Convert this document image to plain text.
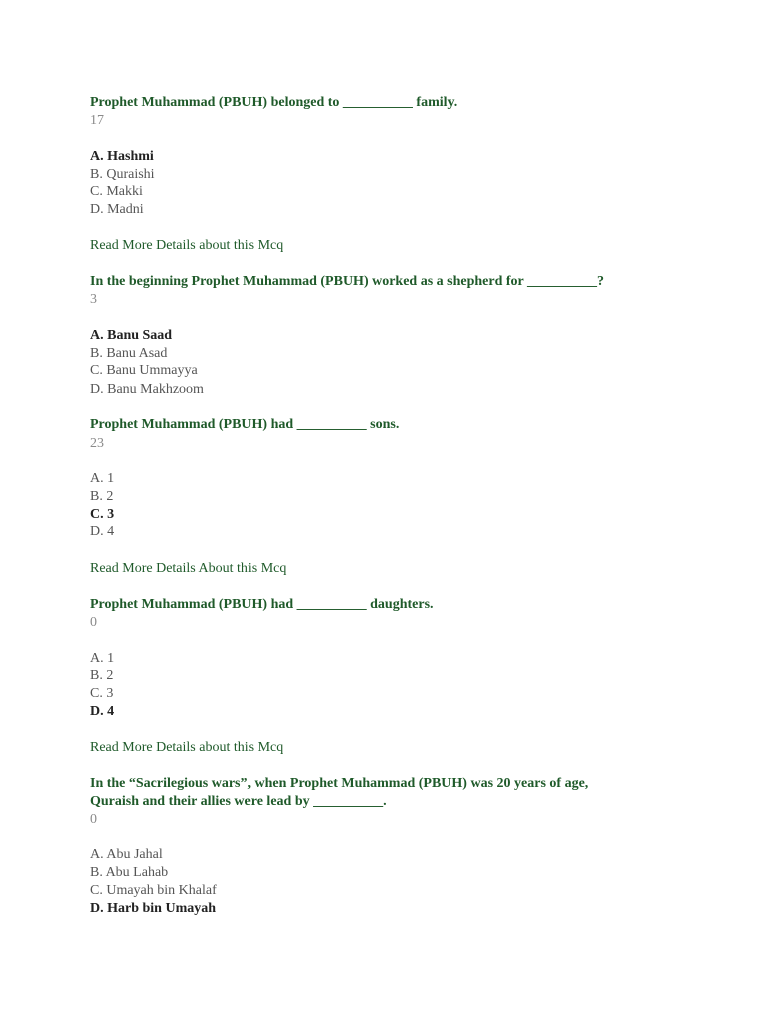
Prophet Muhammad (PBUH) belonged to __________ family.
17
A. Hashmi
B. Quraishi
C. Makki
D. Madni
Read More Details about this Mcq
In the beginning Prophet Muhammad (PBUH) worked as a shepherd for __________?
3
A. Banu Saad
B. Banu Asad
C. Banu Ummayya
D. Banu Makhzoom
Prophet Muhammad (PBUH) had __________ sons.
23
A. 1
B. 2
C. 3
D. 4
Read More Details About this Mcq
Prophet Muhammad (PBUH) had __________ daughters.
0
A. 1
B. 2
C. 3
D. 4
Read More Details about this Mcq
In the “Sacrilegious wars”, when Prophet Muhammad (PBUH) was 20 years of age,
Quraish and their allies were lead by __________.
0
A. Abu Jahal
B. Abu Lahab
C. Umayah bin Khalaf
D. Harb bin Umayah
